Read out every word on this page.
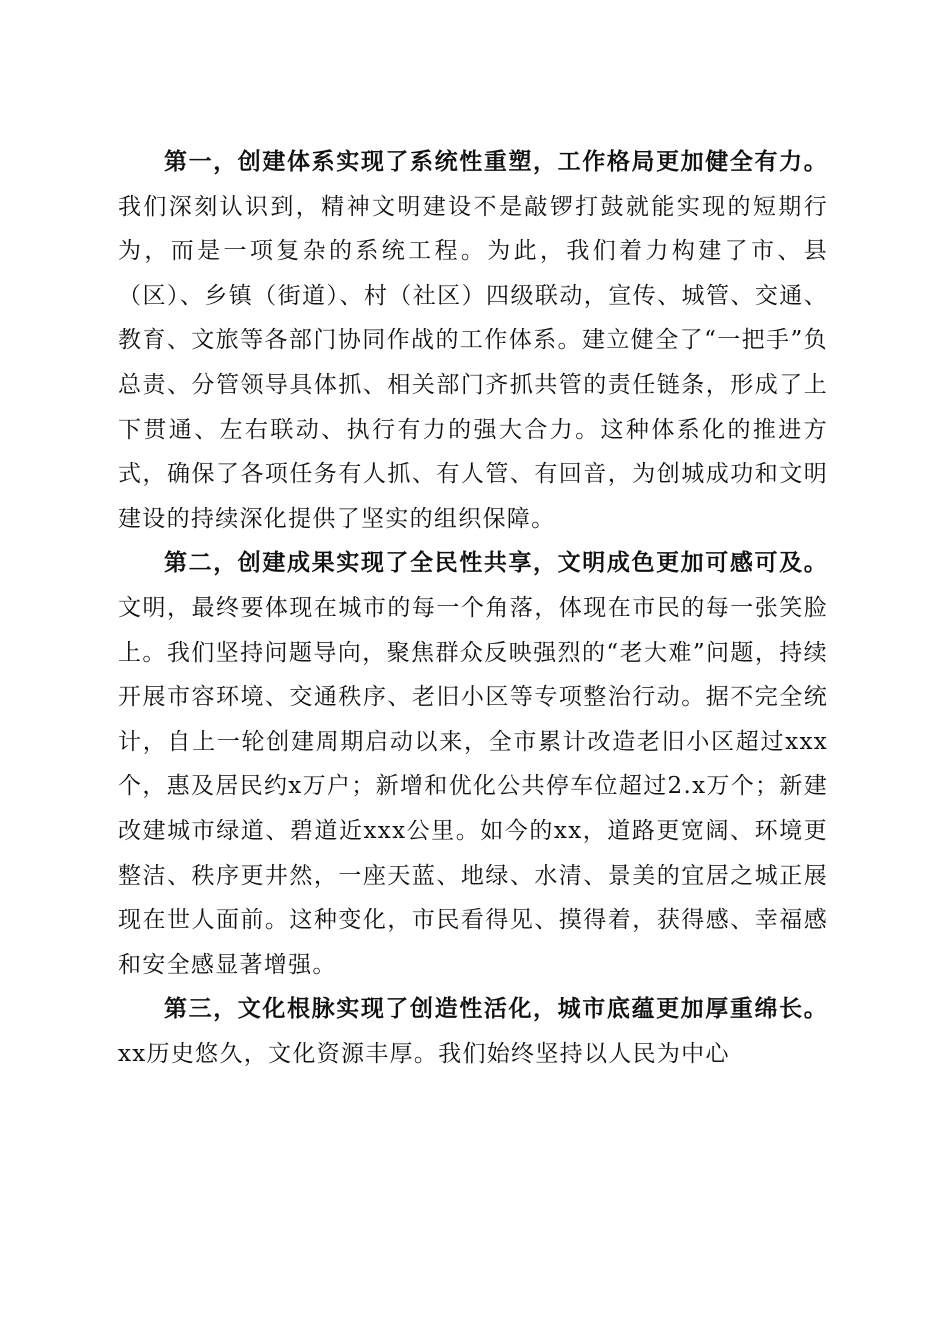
第一，创建体系实现了系统性重塑，工作格局更加健全有力。我们深刻认识到，精神文明建设不是敲锣打鼓就能实现的短期行为，而是一项复杂的系统工程。为此，我们着力构建了市、县（区）、乡镇（街道）、村（社区）四级联动，宣传、城管、交通、教育、文旅等各部门协同作战的工作体系。建立健全了“一把手”负总责、分管领导具体抓、相关部门齐抓共管的责任链条，形成了上下贯通、左右联动、执行有力的强大合力。这种体系化的推进方式，确保了各项任务有人抓、有人管、有回音，为创城成功和文明建设的持续深化提供了坚实的组织保障。

第二，创建成果实现了全民性共享，文明成色更加可感可及。文明，最终要体现在城市的每一个角落，体现在市民的每一张笑脸上。我们坚持问题导向，聚焦群众反映强烈的“老大难”问题，持续开展市容环境、交通秩序、老旧小区等专项整治行动。据不完全统计，自上一轮创建周期启动以来，全市累计改造老旧小区超过xxx个，惠及居民约x万户；新增和优化公共停车位超过2.x万个；新建改建城市绿道、碧道近xxx公里。如今的xx，道路更宽阔、环境更整洁、秩序更井然，一座天蓝、地绿、水清、景美的宜居之城正展现在世人面前。这种变化，市民看得见、摸得着，获得感、幸福感和安全感显著增强。

第三，文化根脉实现了创造性活化，城市底蕴更加厚重绵长。xx历史悠久，文化资源丰厚。我们始终坚持以人民为中心
